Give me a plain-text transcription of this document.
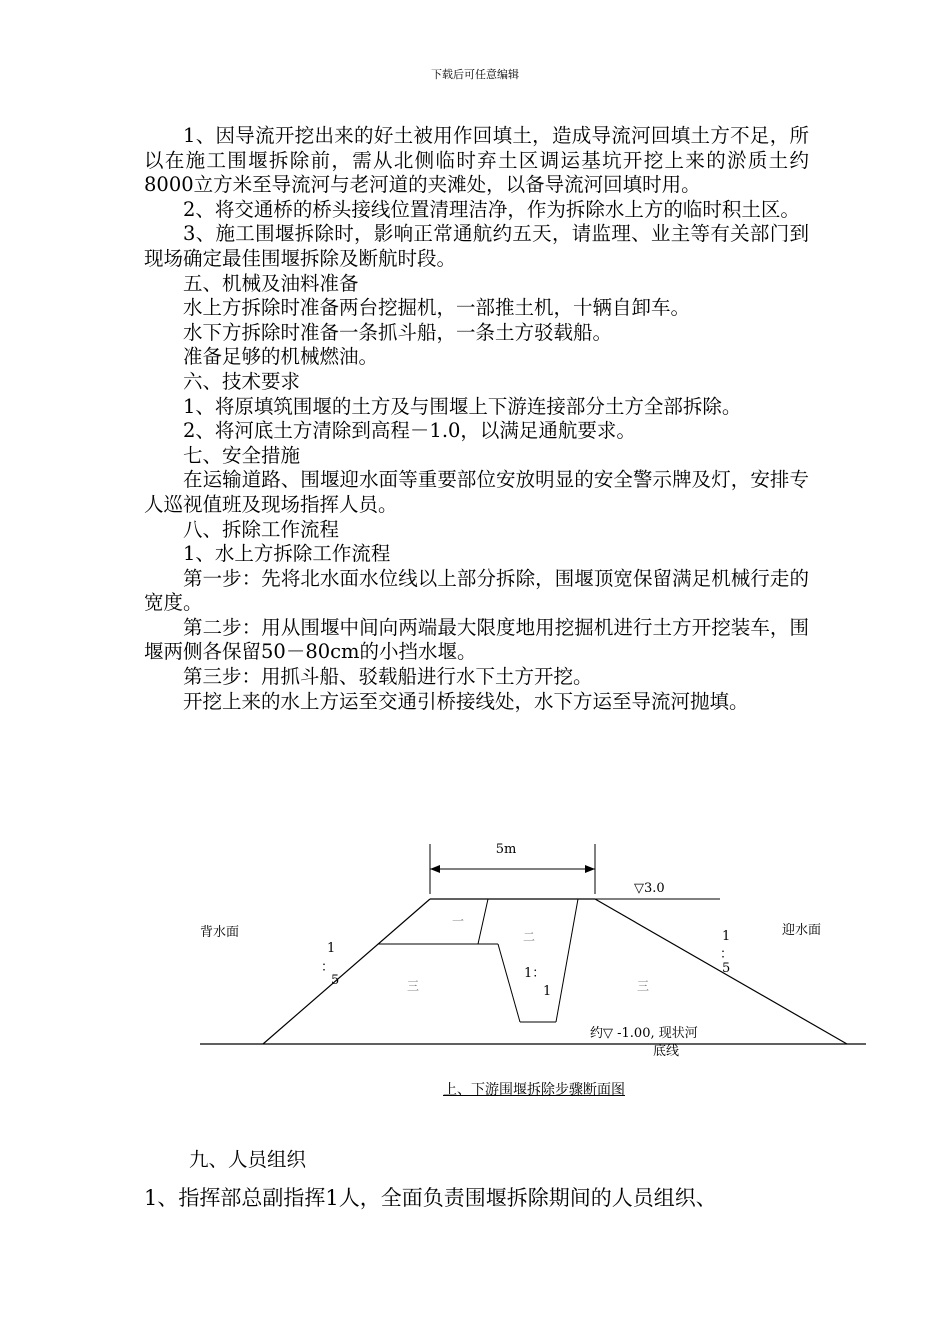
下载后可任意编辑

1、因导流开挖出来的好土被用作回填土，造成导流河回填土方不足，所以在施工围堰拆除前，需从北侧临时弃土区调运基坑开挖上来的淤质土约8000立方米至导流河与老河道的夹滩处，以备导流河回填时用。

2、将交通桥的桥头接线位置清理洁净，作为拆除水上方的临时积土区。

3、施工围堰拆除时，影响正常通航约五天，请监理、业主等有关部门到现场确定最佳围堰拆除及断航时段。

五、机械及油料准备

水上方拆除时准备两台挖掘机，一部推土机，十辆自卸车。

水下方拆除时准备一条抓斗船，一条土方驳载船。

准备足够的机械燃油。

六、技术要求

1、将原填筑围堰的土方及与围堰上下游连接部分土方全部拆除。

2、将河底土方清除到高程－1.0，以满足通航要求。

七、安全措施

在运输道路、围堰迎水面等重要部位安放明显的安全警示牌及灯，安排专人巡视值班及现场指挥人员。

八、拆除工作流程

1、水上方拆除工作流程

第一步：先将北水面水位线以上部分拆除，围堰顶宽保留满足机械行走的宽度。

第二步：用从围堰中间向两端最大限度地用挖掘机进行土方开挖装车，围堰两侧各保留50－80cm的小挡水堰。

第三步：用抓斗船、驳载船进行水下土方开挖。

开挖上来的水上方运至交通引桥接线处，水下方运至导流河抛填。

5m
▽3.0
背水面	迎水面
一
二
三	三
1
：
5
1
：
5
1：
1
约▽ -1.00, 现状河
底线
上、下游围堰拆除步骤断面图
九、人员组织
1、指挥部总副指挥1人，全面负责围堰拆除期间的人员组织、
